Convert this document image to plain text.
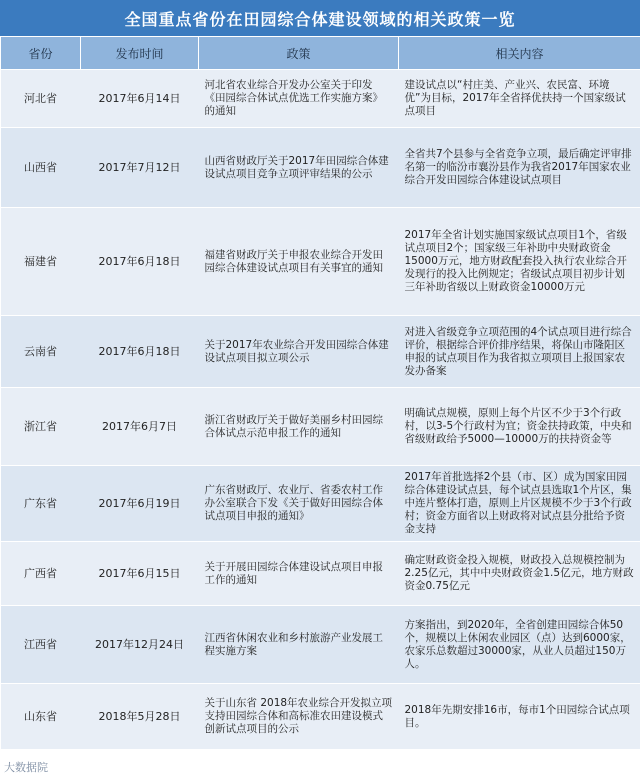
全国重点省份在田园综合体建设领域的相关政策一览
省份	发布时间	政策	相关内容
河北省	2017年6月14日	河北省农业综合开发办公室关于印发《田园综合体试点优选工作实施方案》的通知	建设试点以“村庄美、产业兴、农民富、环境优”为目标，2017年全省择优扶持一个国家级试点项目
山西省	2017年7月12日	山西省财政厅关于2017年田园综合体建设试点项目竞争立项评审结果的公示	全省共7个县参与全省竞争立项，最后确定评审排名第一的临汾市襄汾县作为我省2017年国家农业综合开发田园综合体建设试点项目
福建省	2017年6月18日	福建省财政厅关于申报农业综合开发田园综合体建设试点项目有关事宜的通知	2017年全省计划实施国家级试点项目1个，省级试点项目2个；国家级三年补助中央财政资金15000万元，地方财政配套投入执行农业综合开发现行的投入比例规定；省级试点项目初步计划三年补助省级以上财政资金10000万元
云南省	2017年6月18日	关于2017年农业综合开发田园综合体建设试点项目拟立项公示	对进入省级竞争立项范围的4个试点项目进行综合评价，根据综合评价排序结果，将保山市隆阳区申报的试点项目作为我省拟立项项目上报国家农发办备案
浙江省	2017年6月7日	浙江省财政厅关于做好美丽乡村田园综合体试点示范申报工作的通知	明确试点规模，原则上每个片区不少于3个行政村，以3-5个行政村为宜；资金扶持政策，中央和省级财政给予5000—10000万的扶持资金等
广东省	2017年6月19日	广东省财政厅、农业厅、省委农村工作办公室联合下发《关于做好田园综合体试点项目申报的通知》	2017年首批选择2个县（市、区）成为国家田园综合体建设试点县，每个试点县选取1个片区，集中连片整体打造，原则上片区规模不少于3个行政村；资金方面省以上财政将对试点县分批给予资金支持
广西省	2017年6月15日	关于开展田园综合体建设试点项目申报工作的通知	确定财政资金投入规模，财政投入总规模控制为2.25亿元，其中中央财政资金1.5亿元，地方财政资金0.75亿元
江西省	2017年12月24日	江西省休闲农业和乡村旅游产业发展工程实施方案	方案指出，到2020年，全省创建田园综合体50个，规模以上休闲农业园区（点）达到6000家，农家乐总数超过30000家，从业人员超过150万人。
山东省	2018年5月28日	关于山东省 2018年农业综合开发拟立项支持田园综合体和高标准农田建设模式创新试点项目的公示	2018年先期安排16市，每市1个田园综合试点项目。
大数据院
